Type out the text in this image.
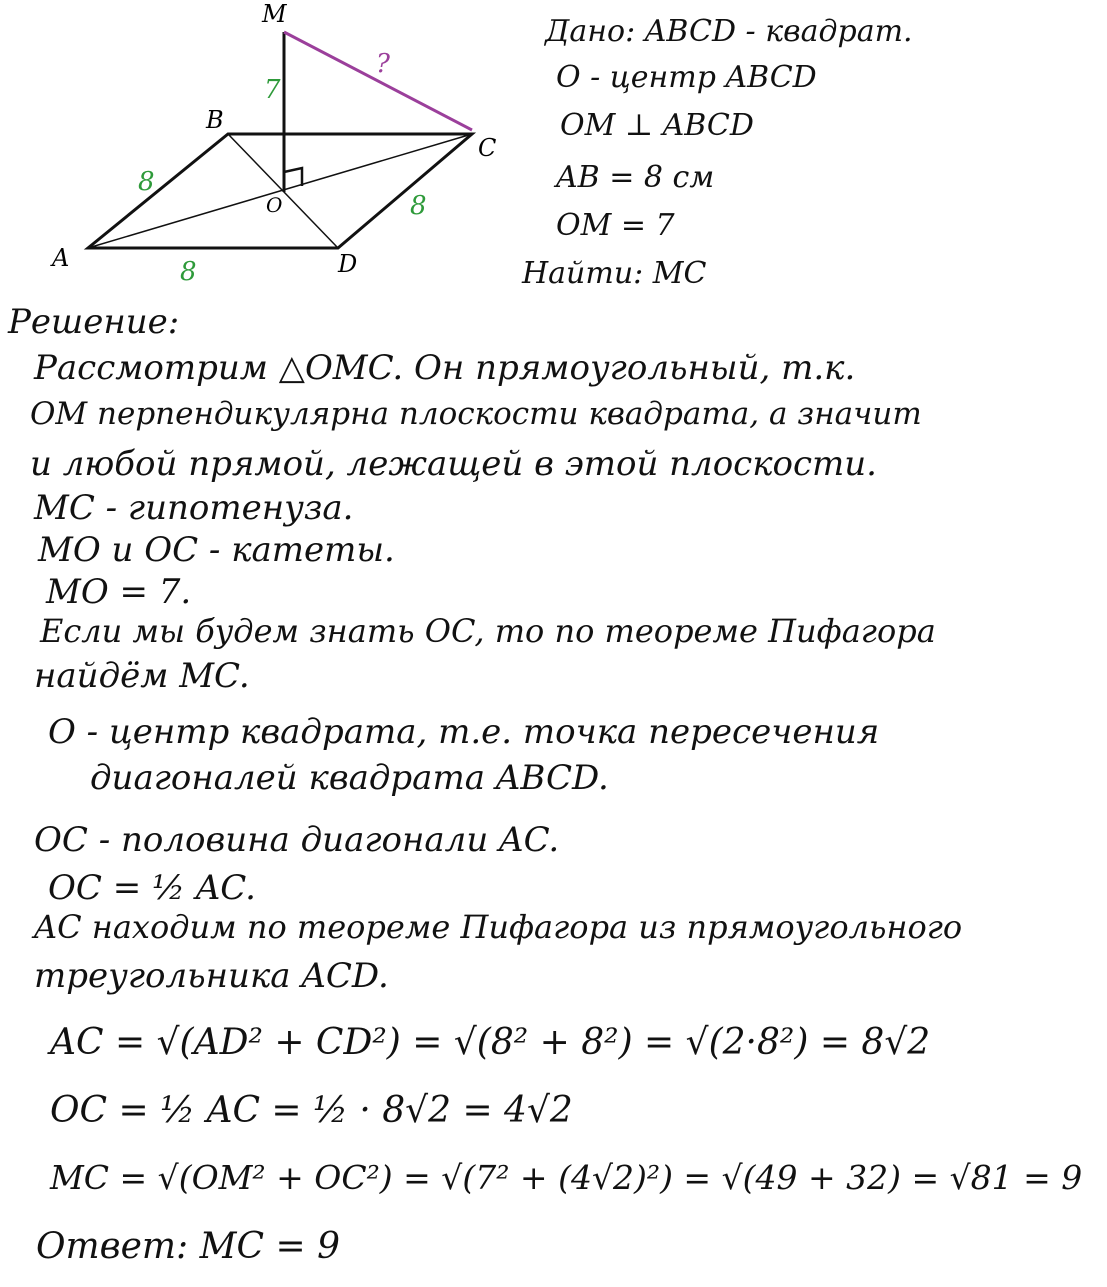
M
B
C
A	D
O
7
?
8
8
8
Дано: ABCD - квадрат.
O - центр ABCD
OM ⊥ ABCD
AB = 8 см
OM = 7
Найти: MC
Решение:
Рассмотрим △OMC. Он прямоугольный, т.к.
OM перпендикулярна плоскости квадрата, а значит
и любой прямой, лежащей в этой плоскости.
MC - гипотенуза.
MO и OC - катеты.
MO = 7.
Если мы будем знать OC, то по теореме Пифагора
найдём MC.
O - центр квадрата, т.е. точка пересечения
диагоналей квадрата ABCD.
OC - половина диагонали AC.
OC = ½ AC.
AC находим по теореме Пифагора из прямоугольного
треугольника ACD.
AC = √(AD² + CD²) = √(8² + 8²) = √(2·8²) = 8√2
OC = ½ AC = ½ · 8√2 = 4√2
MC = √(OM² + OC²) = √(7² + (4√2)²) = √(49 + 32) = √81 = 9
Ответ: MC = 9
